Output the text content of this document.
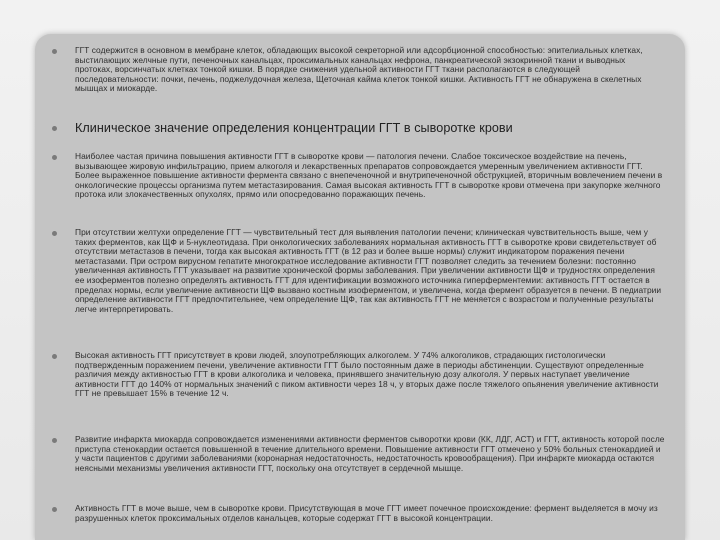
ГГТ содержится в основном в мембране клеток, обладающих высокой секреторной или адсорбционной способностью: эпителиальных клетках, выстилающих желчные пути, печеночных канальцах, проксимальных канальцах нефрона, панкреатической экзокринной ткани и выводных протоках, ворсинчатых клетках тонкой кишки. В порядке снижения удельной активности ГГТ ткани располагаются в следующей последовательности: почки, печень, поджелудочная железа, Щеточная кайма клеток тонкой кишки. Активность ГГТ не обнаружена в скелетных мышцах и миокарде.
Клиническое значение определения концентрации ГГТ в сыворотке крови
Наиболее частая причина повышения активности ГГТ в сыворотке крови — патология печени. Слабое токсическое воздействие на печень, вызывающее жировую инфильтрацию, прием алкоголя и лекарственных препаратов сопровождается умеренным увеличением активности ГГТ. Более выраженное повышение активности фермента связано с внепеченочной и внутрипеченочной обструкцией, вторичным вовлечением печени в онкологические процессы организма путем метастазирования. Самая высокая активность ГГТ в сыворотке крови отмечена при закупорке желчного протока или злокачественных опухолях, прямо или опосредованно поражающих печень.
При отсутствии желтухи определение ГГТ — чувствительный тест для выявления патологии печени; клиническая чувствительность выше, чем у таких ферментов, как ЩФ и 5-нуклеотидаза. При онкологических заболеваниях нормальная активность ГГТ в сыворотке крови свидетельствует об отсутствии метастазов в печени, тогда как высокая активность ГГТ (в 12 раз и более выше нормы) служит индикатором поражения печени метастазами. При остром вирусном гепатите многократное исследование активности ГГТ позволяет следить за течением болезни: постоянно увеличенная активность ГГТ указывает на развитие хронической формы заболевания. При увеличении активности ЩФ и трудностях определения ее изоферментов полезно определять активность ГГТ для идентификации возможного источника гиперферментемии: активность ГГТ остается в пределах нормы, если увеличение активности ЩФ вызвано костным изоферментом, и увеличена, когда фермент образуется в печени. В педиатрии определение активности ГГТ предпочтительнее, чем определение ЩФ, так как активность ГГТ не меняется с возрастом и полученные результаты легче интерпретировать.
Высокая активность ГГТ присутствует в крови людей, злоупотребляющих алкоголем. У 74% алкоголиков, страдающих гистологически подтвержденным поражением печени, увеличение активности ГГТ было постоянным даже в периоды абстиненции. Существуют определенные различия между активностью ГГТ в крови алкоголика и человека, принявшего значительную дозу алкоголя. У первых наступает увеличение активности ГГТ до 140% от нормальных значений с пиком активности через 18 ч, у вторых даже после тяжелого опьянения увеличение активности ГГТ не превышает 15% в течение 12 ч.
Развитие инфаркта миокарда сопровождается изменениями активности ферментов сыворотки крови (КК, ЛДГ, АСТ) и ГГТ, активность которой после приступа стенокардии остается повышенной в течение длительного времени. Повышение активности ГГТ отмечено у 50% больных стенокардией и у части пациентов с другими заболеваниями (коронарная недостаточность, недостаточность кровообращения). При инфаркте миокарда остаются неясными механизмы увеличения активности ГГТ, поскольку она отсутствует в сердечной мышце.
Активность ГГТ в моче выше, чем в сыворотке крови. Присутствующая в моче ГГТ имеет почечное происхождение: фермент выделяется в мочу из разрушенных клеток проксимальных отделов канальцев, которые содержат ГГТ в высокой концентрации.
